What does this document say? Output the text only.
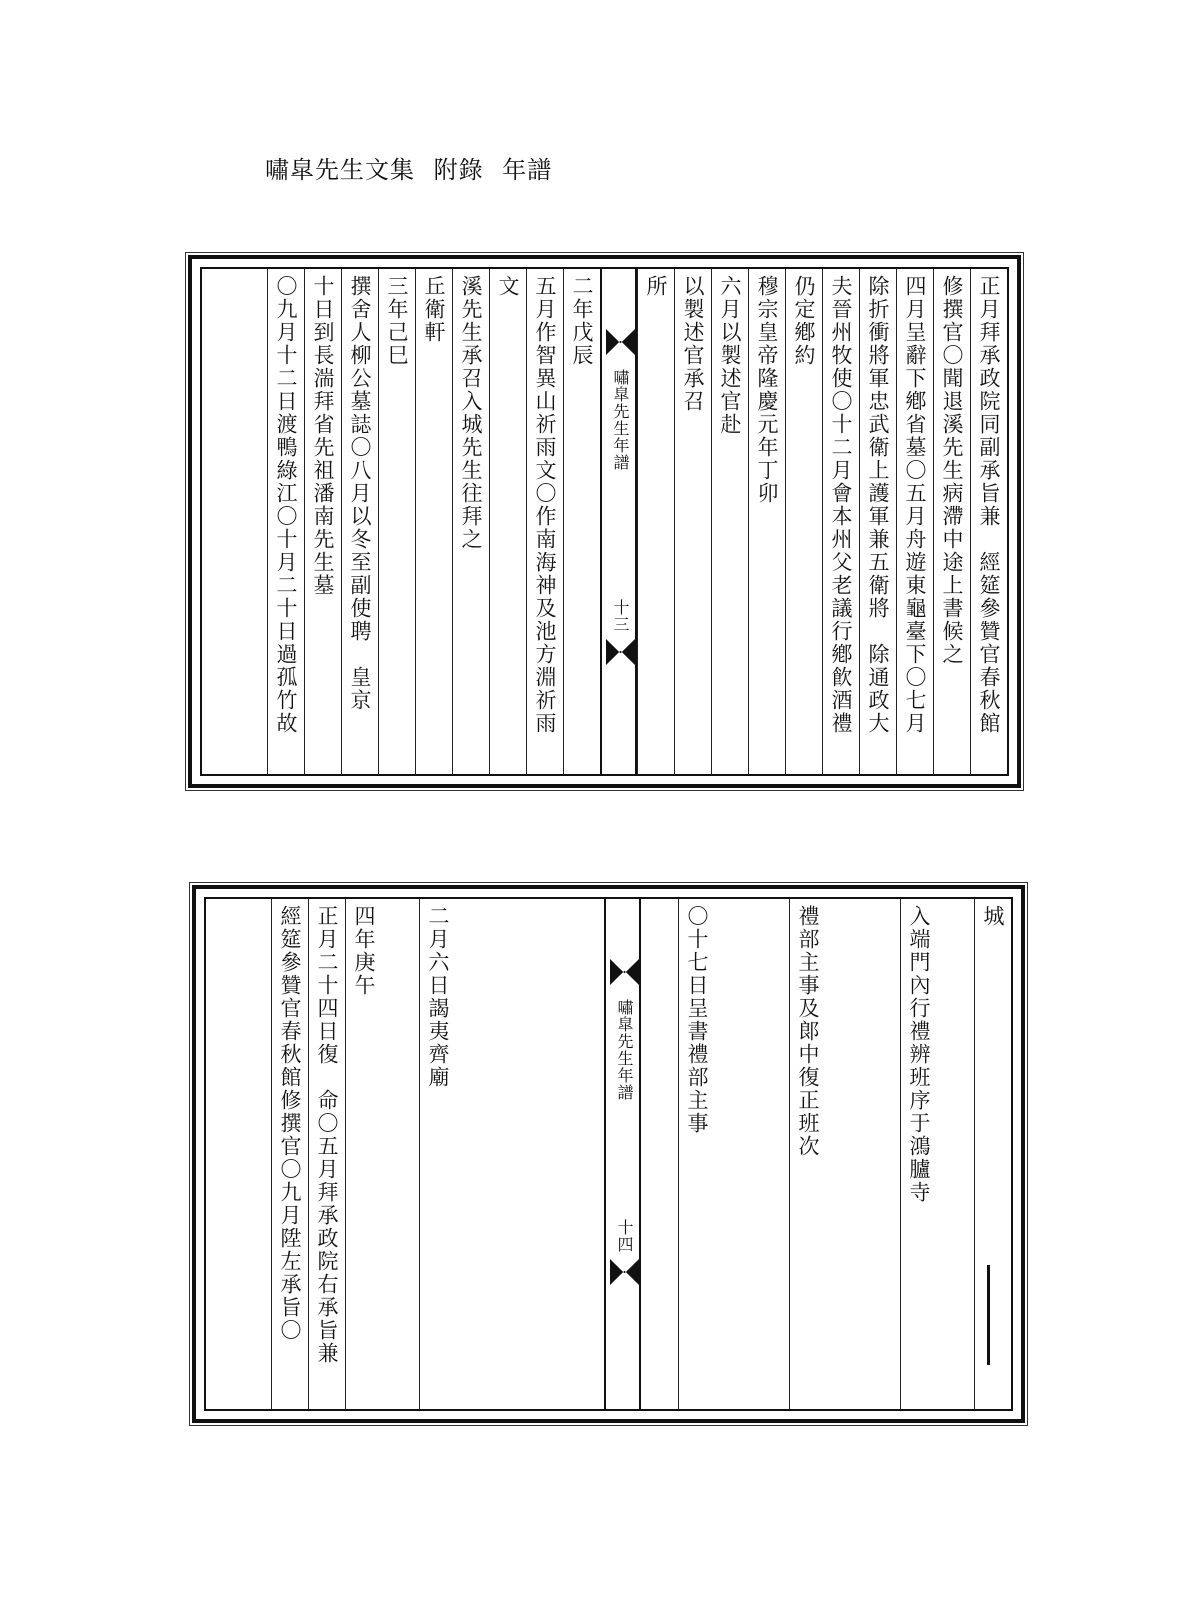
嘯皐先生文集 附錄 年譜
正月拜承政院同副承旨兼　經筵參贊官春秋館
修撰官〇聞退溪先生病滯中途上書候之
四月呈辭下鄕省墓〇五月舟遊東龜臺下〇七月
除折衝將軍忠武衛上護軍兼五衛將　除通政大
夫晉州牧使〇十二月會本州父老議行鄕飮酒禮
仍定鄕約
穆宗皇帝隆慶元年丁卯
六月以製述官赴
以製述官承召
所
嘯皐先生年譜
十三
二年戊辰
五月作智異山祈雨文〇作南海神及池方淵祈雨
文
溪先生承召入城先生往拜之
丘衛軒
三年己巳
撰舍人柳公墓誌〇八月以冬至副使聘　皇京
十日到長湍拜省先祖潘南先生墓
〇九月十二日渡鴨綠江〇十月二十日過孤竹故
城
入端門內行禮辨班序于鴻臚寺
禮部主事及郞中復正班次
〇十七日呈書禮部主事
嘯皐先生年譜
十四
二月六日謁夷齊廟
四年庚午
正月二十四日復　命〇五月拜承政院右承旨兼
經筵參贊官春秋館修撰官〇九月陞左承旨〇
